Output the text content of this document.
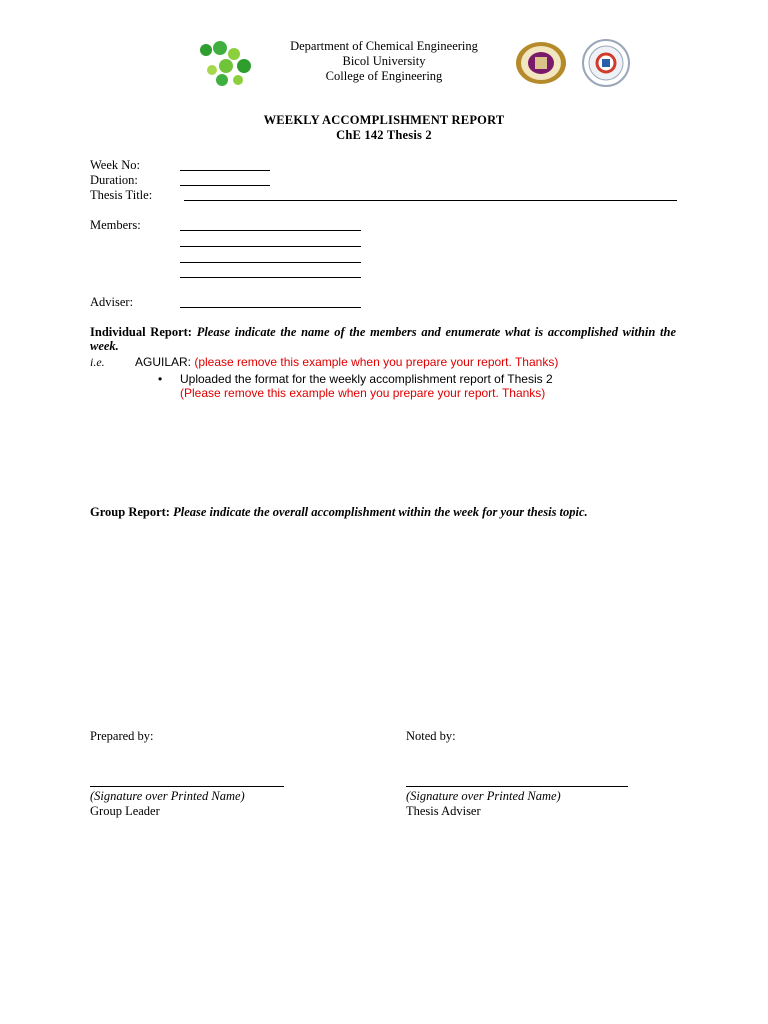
Department of Chemical Engineering
Bicol University
College of Engineering
WEEKLY ACCOMPLISHMENT REPORT
ChE 142 Thesis 2
Week No:
Duration:
Thesis Title:
Members:
Adviser:
Individual Report: Please indicate the name of the members and enumerate what is accomplished within the week.
i.e.	AGUILAR: (please remove this example when you prepare your report. Thanks)
• Uploaded the format for the weekly accomplishment report of Thesis 2
(Please remove this example when you prepare your report. Thanks)
Group Report: Please indicate the overall accomplishment within the week for your thesis topic.
Prepared by:	Noted by:
(Signature over Printed Name)	(Signature over Printed Name)
Group Leader	Thesis Adviser
